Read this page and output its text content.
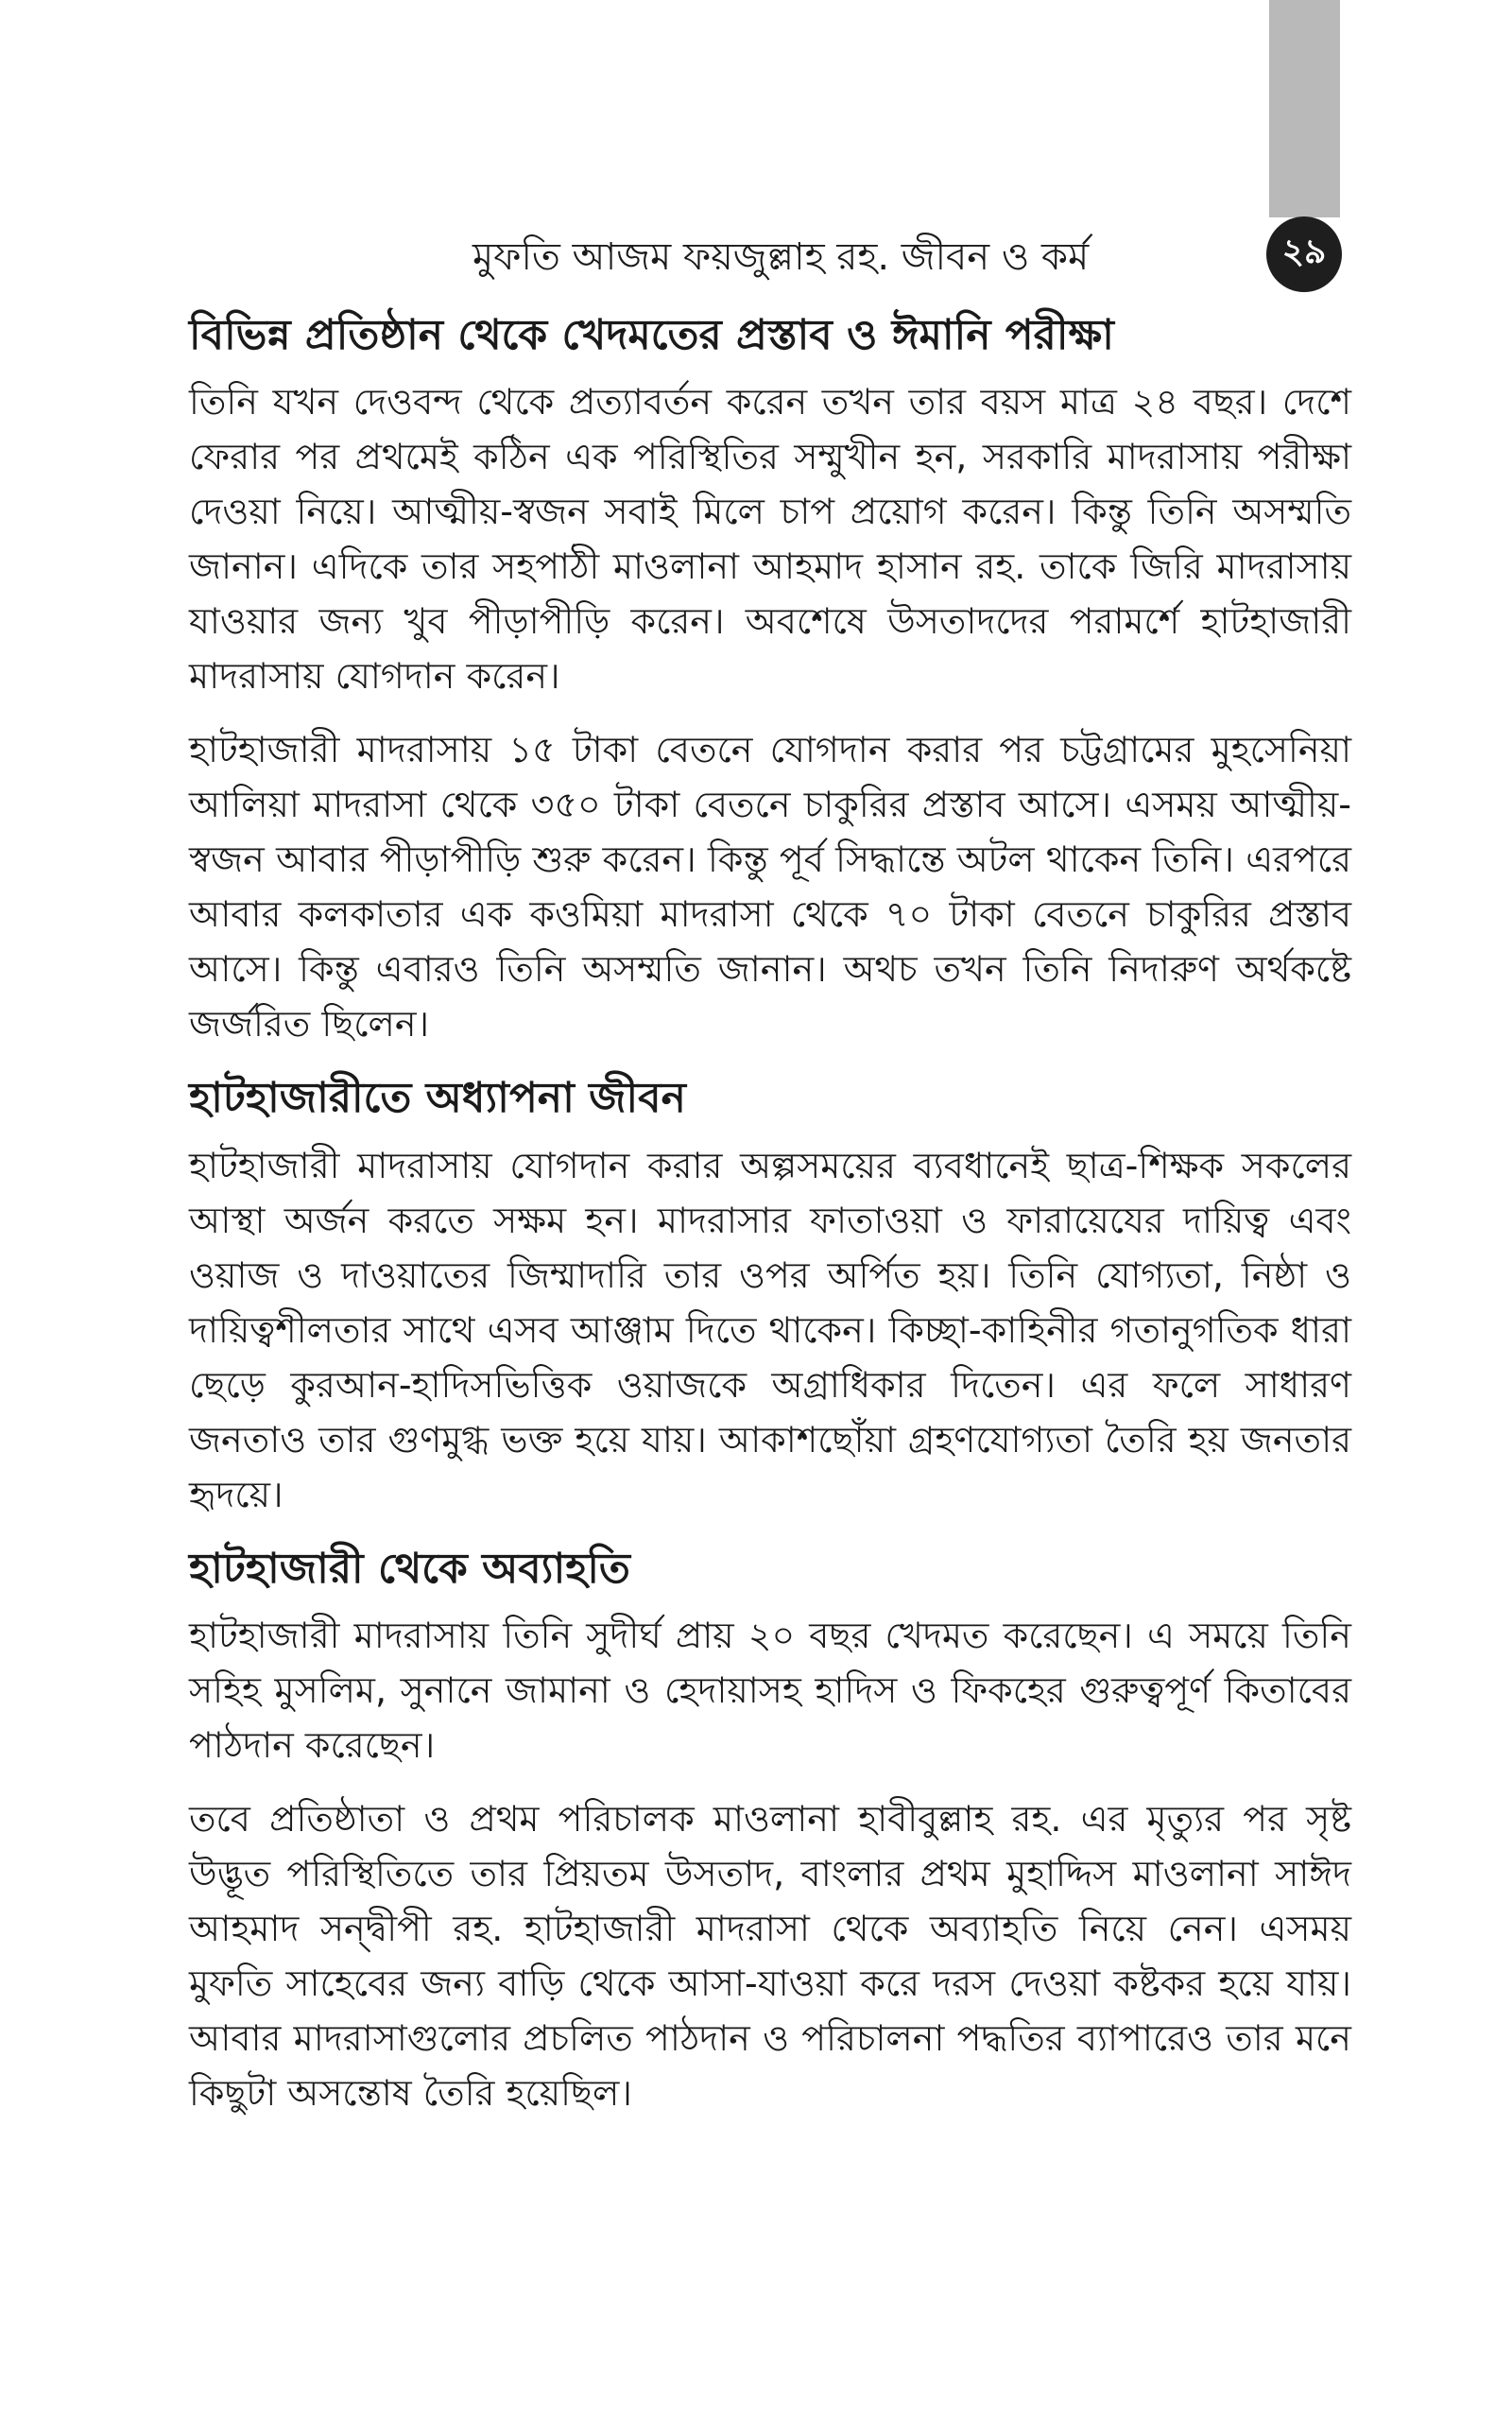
২৯
মুফতি আজম ফয়জুল্লাহ রহ. জীবন ও কর্ম
বিভিন্ন প্রতিষ্ঠান থেকে খেদমতের প্রস্তাব ও ঈমানি পরীক্ষা

তিনি যখন দেওবন্দ থেকে প্রত্যাবর্তন করেন তখন তার বয়স মাত্র ২৪ বছর। দেশে ফেরার পর প্রথমেই কঠিন এক পরিস্থিতির সম্মুখীন হন, সরকারি মাদরাসায় পরীক্ষা দেওয়া নিয়ে। আত্মীয়-স্বজন সবাই মিলে চাপ প্রয়োগ করেন। কিন্তু তিনি অসম্মতি জানান। এদিকে তার সহপাঠী মাওলানা আহমাদ হাসান রহ. তাকে জিরি মাদরাসায় যাওয়ার জন্য খুব পীড়াপীড়ি করেন। অবশেষে উসতাদদের পরামর্শে হাটহাজারী মাদরাসায় যোগদান করেন।

হাটহাজারী মাদরাসায় ১৫ টাকা বেতনে যোগদান করার পর চট্টগ্রামের মুহসেনিয়া আলিয়া মাদরাসা থেকে ৩৫০ টাকা বেতনে চাকুরির প্রস্তাব আসে। এসময় আত্মীয়-স্বজন আবার পীড়াপীড়ি শুরু করেন। কিন্তু পূর্ব সিদ্ধান্তে অটল থাকেন তিনি। এরপরে আবার কলকাতার এক কওমিয়া মাদরাসা থেকে ৭০ টাকা বেতনে চাকুরির প্রস্তাব আসে। কিন্তু এবারও তিনি অসম্মতি জানান। অথচ তখন তিনি নিদারুণ অর্থকষ্টে জর্জরিত ছিলেন।

হাটহাজারীতে অধ্যাপনা জীবন

হাটহাজারী মাদরাসায় যোগদান করার অল্পসময়ের ব্যবধানেই ছাত্র-শিক্ষক সকলের আস্থা অর্জন করতে সক্ষম হন। মাদরাসার ফাতাওয়া ও ফারায়েযের দায়িত্ব এবং ওয়াজ ও দাওয়াতের জিম্মাদারি তার ওপর অর্পিত হয়। তিনি যোগ্যতা, নিষ্ঠা ও দায়িত্বশীলতার সাথে এসব আঞ্জাম দিতে থাকেন। কিচ্ছা-কাহিনীর গতানুগতিক ধারা ছেড়ে কুরআন-হাদিসভিত্তিক ওয়াজকে অগ্রাধিকার দিতেন। এর ফলে সাধারণ জনতাও তার গুণমুগ্ধ ভক্ত হয়ে যায়। আকাশছোঁয়া গ্রহণযোগ্যতা তৈরি হয় জনতার হৃদয়ে।

হাটহাজারী থেকে অব্যাহতি

হাটহাজারী মাদরাসায় তিনি সুদীর্ঘ প্রায় ২০ বছর খেদমত করেছেন। এ সময়ে তিনি সহিহ মুসলিম, সুনানে জামানা ও হেদায়াসহ হাদিস ও ফিকহের গুরুত্বপূর্ণ কিতাবের পাঠদান করেছেন।

তবে প্রতিষ্ঠাতা ও প্রথম পরিচালক মাওলানা হাবীবুল্লাহ রহ. এর মৃত্যুর পর সৃষ্ট উদ্ভূত পরিস্থিতিতে তার প্রিয়তম উসতাদ, বাংলার প্রথম মুহাদ্দিস মাওলানা সাঈদ আহমাদ সন্দ্বীপী রহ. হাটহাজারী মাদরাসা থেকে অব্যাহতি নিয়ে নেন। এসময় মুফতি সাহেবের জন্য বাড়ি থেকে আসা-যাওয়া করে দরস দেওয়া কষ্টকর হয়ে যায়। আবার মাদরাসাগুলোর প্রচলিত পাঠদান ও পরিচালনা পদ্ধতির ব্যাপারেও তার মনে কিছুটা অসন্তোষ তৈরি হয়েছিল।
